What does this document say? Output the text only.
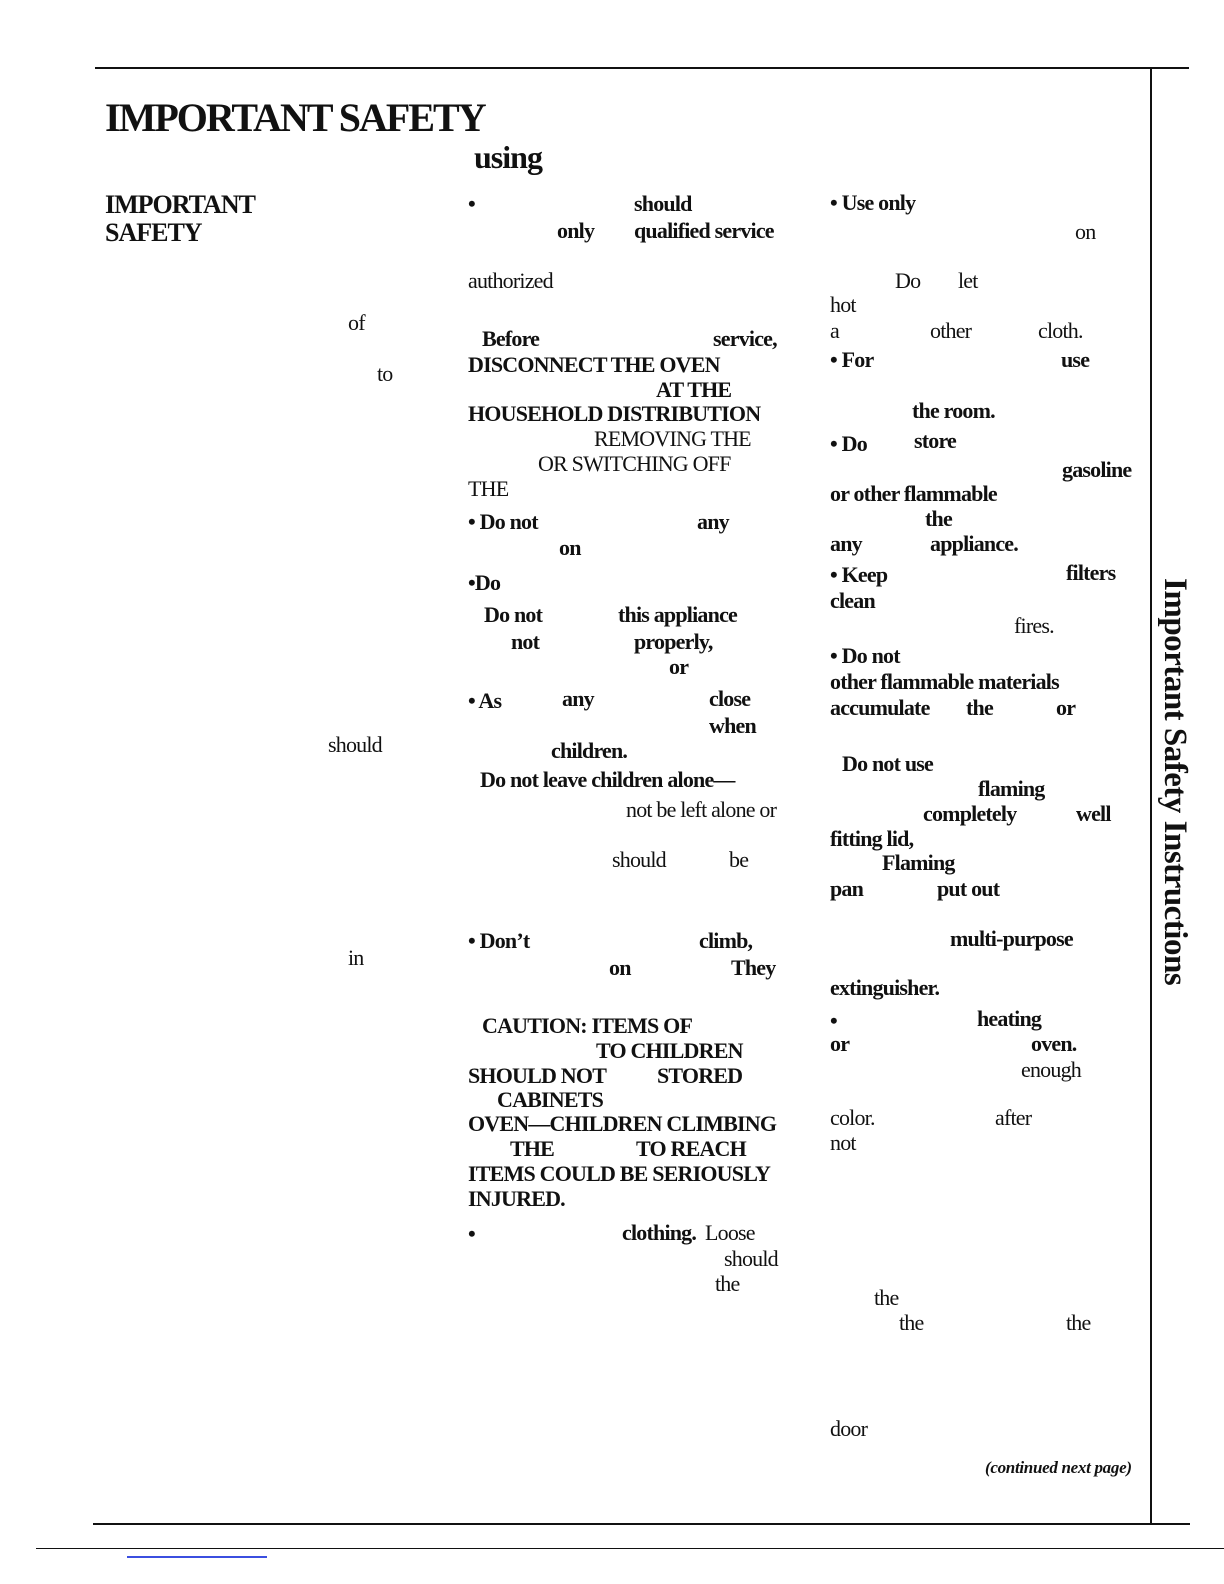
IMPORTANT SAFETY
using
Important Safety Instructions
(continued next page)
IMPORTANT
SAFETY
of
to
should
in
•	should
only qualified service
authorized
Before	service,
DISCONNECT THE OVEN
AT THE
HOUSEHOLD DISTRIBUTION
REMOVING THE
OR SWITCHING OFF
THE
• Do not	any
on
•Do
Do not	this appliance
not	properly,
or
• As	any	close
when
children.
Do not leave children alone—
not be left alone or
should	be
• Don’t	climb,
on	They
CAUTION: ITEMS OF
TO CHILDREN
SHOULD NOT STORED
CABINETS
OVEN—CHILDREN CLIMBING
THE	TO REACH
ITEMS COULD BE SERIOUSLY
INJURED.
•	clothing. Loose
should
the
• Use only
on
Do let
hot
a	other	cloth.
• For	use
the room.
• Do store
gasoline
or other flammable
the
any	appliance.
• Keep	filters
clean
fires.
• Do not
other flammable materials
accumulate the	or
Do not use
flaming
completely	well
fitting lid,
Flaming
pan	put out
multi-purpose
extinguisher.
•	heating
or	oven.
enough
color.	after
not
the
the	the
door
